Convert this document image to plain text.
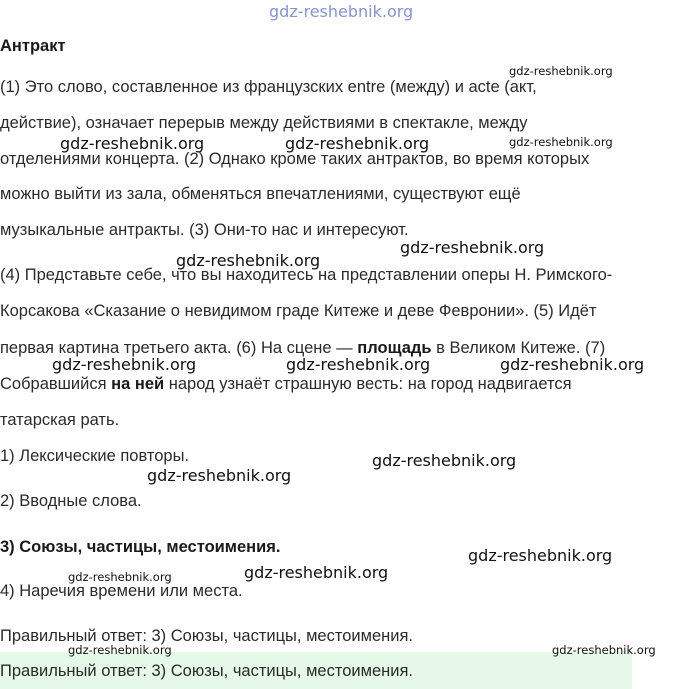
gdz-reshebnik.org
Антракт
(1) Это слово, составленное из французских entre (между) и acte (акт,
действие), означает перерыв между действиями в спектакле, между
отделениями концерта. (2) Однако кроме таких антрактов, во время которых
можно выйти из зала, обменяться впечатлениями, существуют ещё
музыкальные антракты. (3) Они-то нас и интересуют.
(4) Представьте себе, что вы находитесь на представлении оперы Н. Римского-
Корсакова «Сказание о невидимом граде Китеже и деве Февронии». (5) Идёт
первая картина третьего акта. (6) На сцене — площадь в Великом Китеже. (7)
Собравшийся на ней народ узнаёт страшную весть: на город надвигается
татарская рать.
1) Лексические повторы.
2) Вводные слова.
3) Союзы, частицы, местоимения.
4) Наречия времени или места.
Правильный ответ: 3) Союзы, частицы, местоимения.
Правильный ответ: 3) Союзы, частицы, местоимения.
gdz-reshebnik.org
gdz-reshebnik.org	gdz-reshebnik.org	gdz-reshebnik.org
gdz-reshebnik.org
gdz-reshebnik.org
gdz-reshebnik.org	gdz-reshebnik.org	gdz-reshebnik.org
gdz-reshebnik.org
gdz-reshebnik.org
gdz-reshebnik.org
gdz-reshebnik.org	gdz-reshebnik.org
gdz-reshebnik.org	gdz-reshebnik.org
